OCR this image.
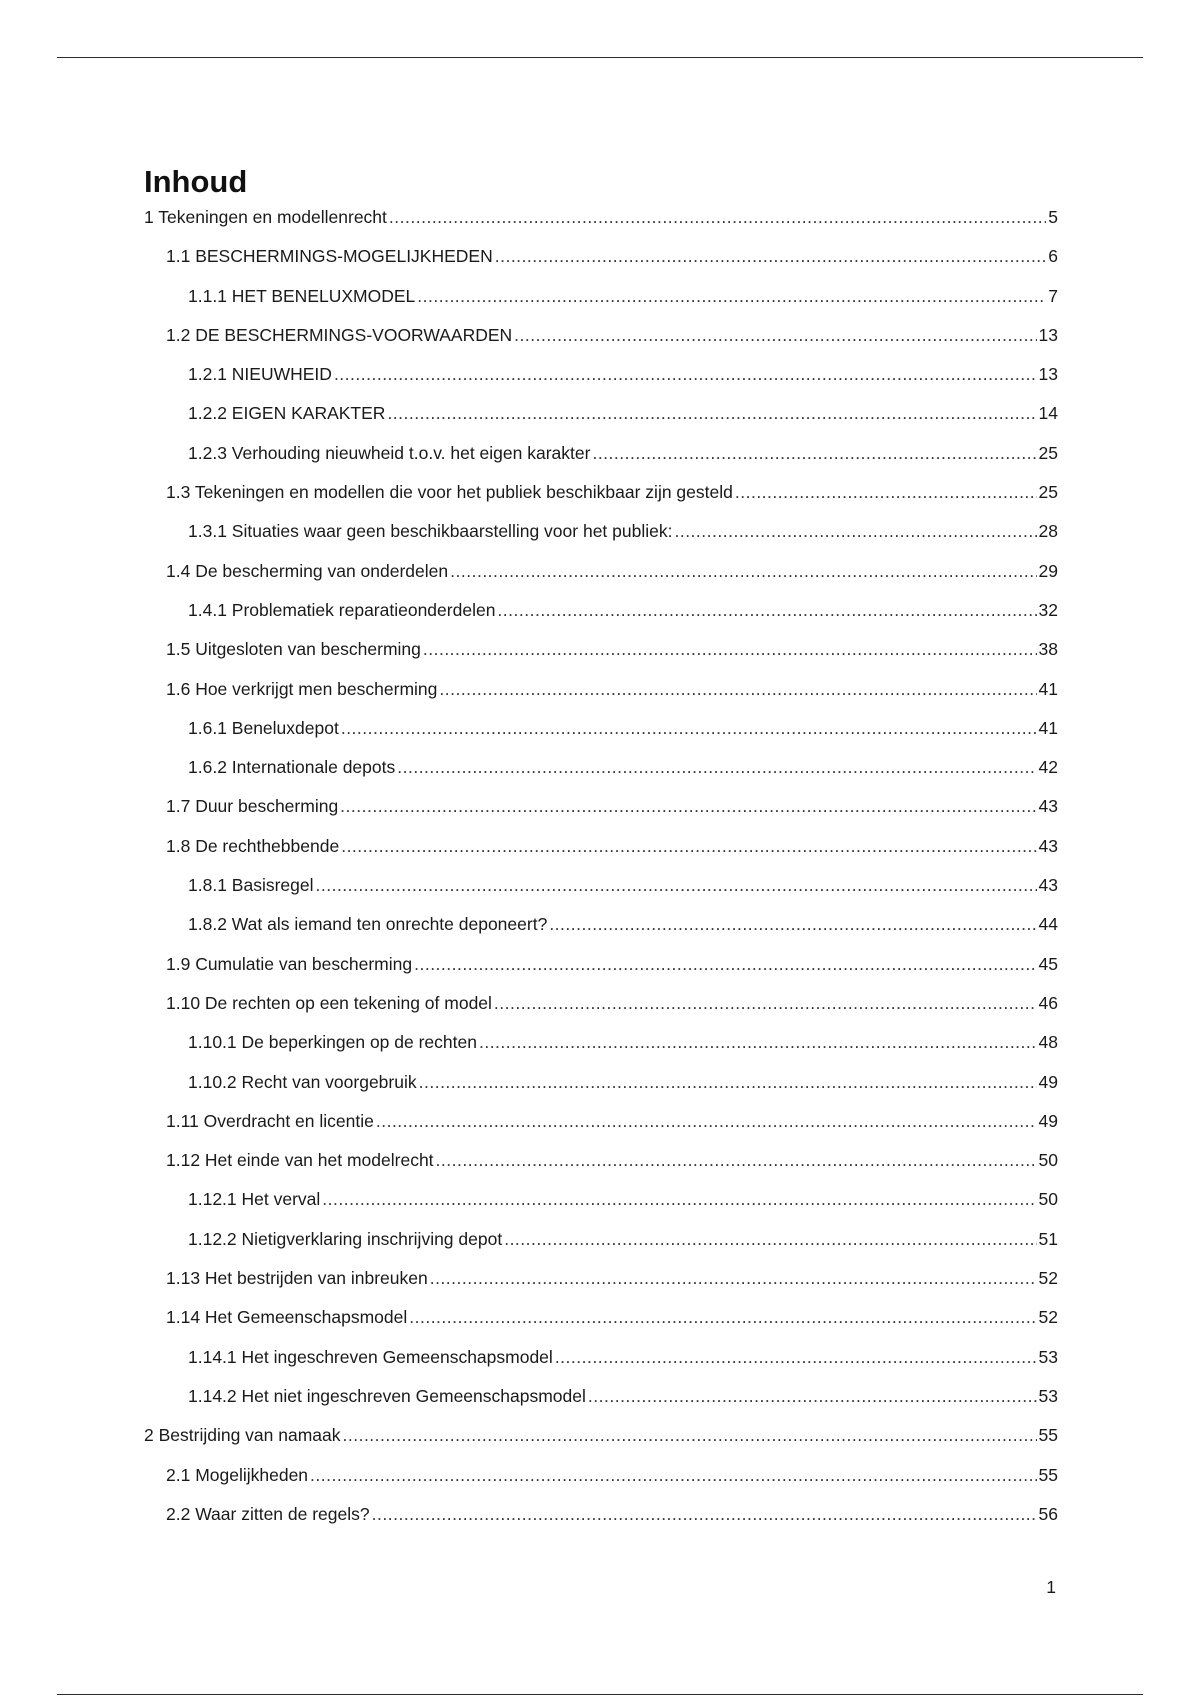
Inhoud
1 Tekeningen en modellenrecht .....	5
1.1 BESCHERMINGS-MOGELIJKHEDEN .....	6
1.1.1 HET BENELUXMODEL .....	7
1.2 DE BESCHERMINGS-VOORWAARDEN .....	13
1.2.1 NIEUWHEID .....	13
1.2.2 EIGEN KARAKTER .....	14
1.2.3 Verhouding nieuwheid t.o.v. het eigen karakter .....	25
1.3 Tekeningen en modellen die voor het publiek beschikbaar zijn gesteld .....	25
1.3.1 Situaties waar geen beschikbaarstelling voor het publiek: .....	28
1.4 De bescherming van onderdelen .....	29
1.4.1 Problematiek reparatieonderdelen .....	32
1.5 Uitgesloten van bescherming .....	38
1.6 Hoe verkrijgt men bescherming .....	41
1.6.1 Beneluxdepot .....	41
1.6.2 Internationale depots .....	42
1.7 Duur bescherming .....	43
1.8 De rechthebbende .....	43
1.8.1 Basisregel .....	43
1.8.2 Wat als iemand ten onrechte deponeert? .....	44
1.9 Cumulatie van bescherming .....	45
1.10 De rechten op een tekening of model .....	46
1.10.1 De beperkingen op de rechten .....	48
1.10.2 Recht van voorgebruik .....	49
1.11 Overdracht en licentie .....	49
1.12 Het einde van het modelrecht .....	50
1.12.1 Het verval .....	50
1.12.2 Nietigverklaring inschrijving depot .....	51
1.13 Het bestrijden van inbreuken .....	52
1.14 Het Gemeenschapsmodel .....	52
1.14.1 Het ingeschreven Gemeenschapsmodel .....	53
1.14.2 Het niet ingeschreven Gemeenschapsmodel .....	53
2 Bestrijding van namaak .....	55
2.1 Mogelijkheden .....	55
2.2 Waar zitten de regels? .....	56
1
